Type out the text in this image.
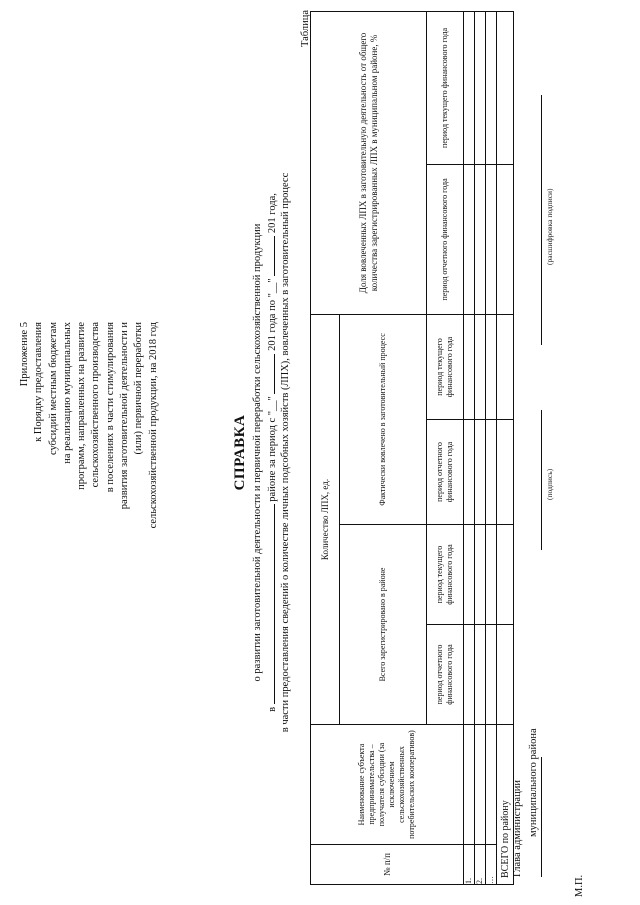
Приложение 5 к Порядку предоставления субсидий местным бюджетам на реализацию муниципальных программ, направленных на развитие сельскохозяйственного производства в поселениях в части стимулирования развития заготовительной деятельности и (или) первичной переработки сельскохозяйственной продукции, на 2018 год	СПРАВКА о развитии заготовительной деятельности и первичной переработки сельскохозяйственной продукции
в  районе за период с "__"  201 года по "__"  201 года, в части предоставления сведений о количестве личных подсобных хозяйств (ЛПХ), вовлеченных в заготовительный процесс
Таблица
№ п/п	Наименование субъекта предпринимательства – получателя субсидии (за исключением сельскохозяйственных потребительских кооперативов)	Количество ЛПХ, ед.				Доля вовлеченных ЛПХ в заготовительную деятельность от общего количества зарегистрированных ЛПХ в муниципальном районе, %	
		Всего зарегистрировано в районе		Фактически вовлечено в заготовительный процесс			
		период отчетного финансового года	период текущего финансового года	период отчетного финансового года	период текущего финансового года	период отчетного финансового года	период текущего финансового года
1.							
2.							
…							
ВСЕГО по району							Глава администрации муниципального района
(подпись)
(расшифровка подписи)
М.П.
